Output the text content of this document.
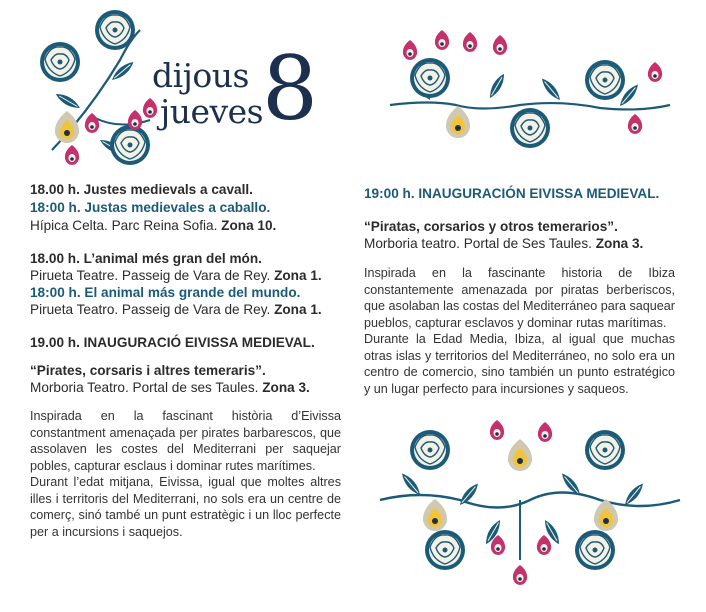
dijous
jueves
8
18.00 h. Justes medievals a cavall.
18:00 h. Justas medievales a caballo.
Hípica Celta. Parc Reina Sofia. Zona 10.
18.00 h. L’animal més gran del món.
Pirueta Teatre. Passeig de Vara de Rey. Zona 1.
18:00 h. El animal más grande del mundo.
Pirueta Teatro. Passeig de Vara de Rey. Zona 1.
19.00 h. INAUGURACIÓ EIVISSA MEDIEVAL.
“Pirates, corsaris i altres temeraris”.
Morboria Teatro. Portal de ses Taules. Zona 3.
Inspirada en la fascinant història d’Eivissa constantment amenaçada per pirates barbarescos, que assolaven les costes del Mediterrani per saquejar pobles, capturar esclaus i dominar rutes marítimes.
Durant l’edat mitjana, Eivissa, igual que moltes altres illes i territoris del Mediterrani, no sols era un centre de comerç, sinó també un punt estratègic i un lloc perfecte per a incursions i saquejos.
19:00 h. INAUGURACIÓN EIVISSA MEDIEVAL.
“Piratas, corsarios y otros temerarios”.
Morboria teatro. Portal de Ses Taules. Zona 3.
Inspirada en la fascinante historia de Ibiza constantemente amenazada por piratas berberiscos, que asolaban las costas del Mediterráneo para saquear pueblos, capturar esclavos y dominar rutas marítimas.
Durante la Edad Media, Ibiza, al igual que muchas otras islas y territorios del Mediterráneo, no solo era un centro de comercio, sino también un punto estratégico y un lugar perfecto para incursiones y saqueos.
